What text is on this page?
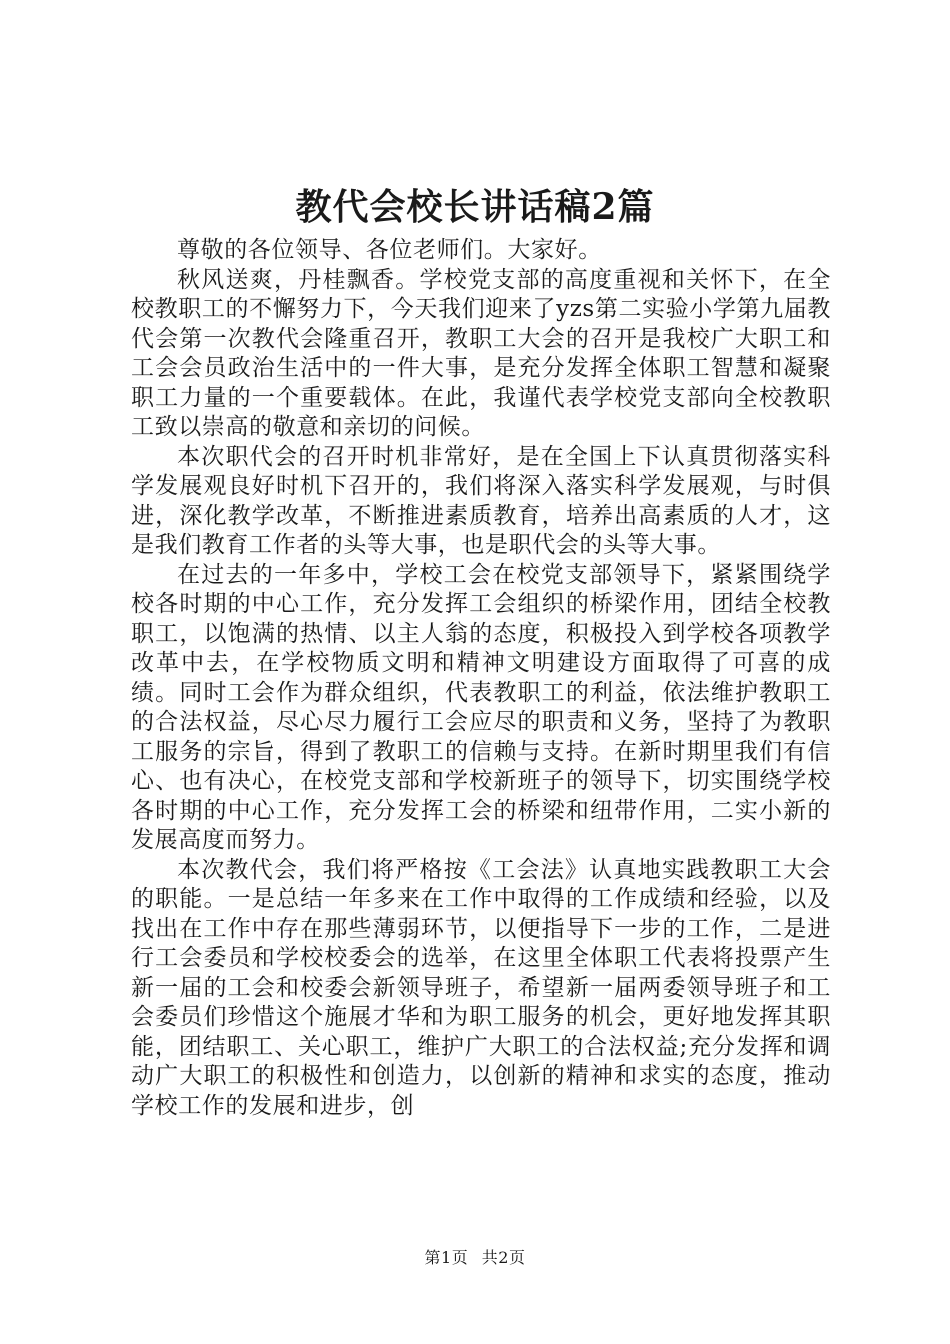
教代会校长讲话稿2篇

尊敬的各位领导、各位老师们。大家好。

秋风送爽，丹桂飘香。学校党支部的高度重视和关怀下，在全校教职工的不懈努力下，今天我们迎来了yzs第二实验小学第九届教代会第一次教代会隆重召开，教职工大会的召开是我校广大职工和工会会员政治生活中的一件大事，是充分发挥全体职工智慧和凝聚职工力量的一个重要载体。在此，我谨代表学校党支部向全校教职工致以崇高的敬意和亲切的问候。

本次职代会的召开时机非常好，是在全国上下认真贯彻落实科学发展观良好时机下召开的，我们将深入落实科学发展观，与时俱进，深化教学改革，不断推进素质教育，培养出高素质的人才，这是我们教育工作者的头等大事，也是职代会的头等大事。

在过去的一年多中，学校工会在校党支部领导下，紧紧围绕学校各时期的中心工作，充分发挥工会组织的桥梁作用，团结全校教职工，以饱满的热情、以主人翁的态度，积极投入到学校各项教学改革中去，在学校物质文明和精神文明建设方面取得了可喜的成绩。同时工会作为群众组织，代表教职工的利益，依法维护教职工的合法权益，尽心尽力履行工会应尽的职责和义务，坚持了为教职工服务的宗旨，得到了教职工的信赖与支持。在新时期里我们有信心、也有决心，在校党支部和学校新班子的领导下，切实围绕学校各时期的中心工作，充分发挥工会的桥梁和纽带作用，二实小新的发展高度而努力。

本次教代会，我们将严格按《工会法》认真地实践教职工大会的职能。一是总结一年多来在工作中取得的工作成绩和经验，以及找出在工作中存在那些薄弱环节，以便指导下一步的工作，二是进行工会委员和学校校委会的选举，在这里全体职工代表将投票产生新一届的工会和校委会新领导班子，希望新一届两委领导班子和工会委员们珍惜这个施展才华和为职工服务的机会，更好地发挥其职能，团结职工、关心职工，维护广大职工的合法权益;充分发挥和调动广大职工的积极性和创造力，以创新的精神和求实的态度，推动学校工作的发展和进步，创

第1页 共2页
